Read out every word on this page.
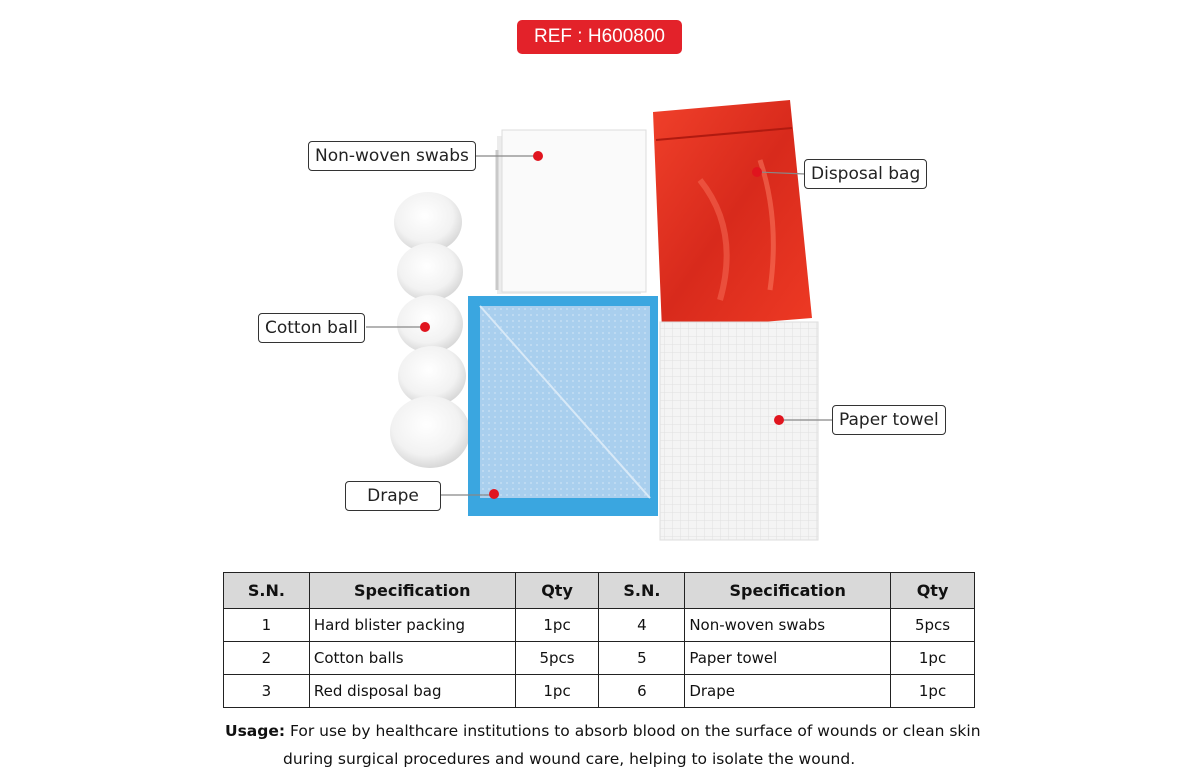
REF : H600800
Non-woven swabs
Disposal bag
Cotton ball
Paper towel
Drape
S.N.	Specification	Qty	S.N.	Specification	Qty
1	Hard blister packing	1pc	4	Non-woven swabs	5pcs
2	Cotton balls	5pcs	5	Paper towel	1pc
3	Red disposal bag	1pc	6	Drape	1pc
Usage: For use by healthcare institutions to absorb blood on the surface of wounds or clean skin
during surgical procedures and wound care, helping to isolate the wound.
